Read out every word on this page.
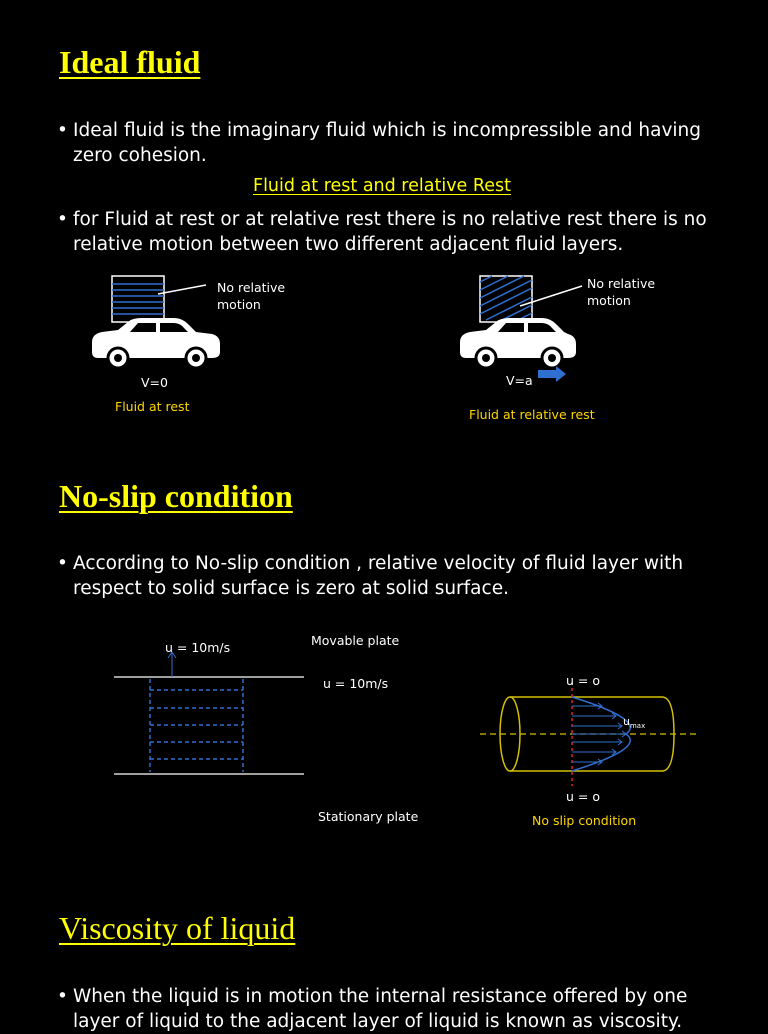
Ideal fluid
• Ideal fluid is the imaginary fluid which is incompressible and having zero cohesion.
Fluid at rest and relative Rest
• for Fluid at rest or at relative rest there is no relative rest there is no relative motion between two different adjacent fluid layers.
No relative
motion
V=0
Fluid at rest
No relative
motion
V=a
Fluid at relative rest
No-slip condition
• According to No-slip condition , relative velocity of fluid layer with respect to solid surface is zero at solid surface.
u = 10m/s	Movable plate
u = 10m/s
Stationary plate
u = o
$u_{max}$
u = o
No slip condition
Viscosity of liquid
• When the liquid is in motion the internal resistance offered by one layer of liquid to the adjacent layer of liquid is known as viscosity.
